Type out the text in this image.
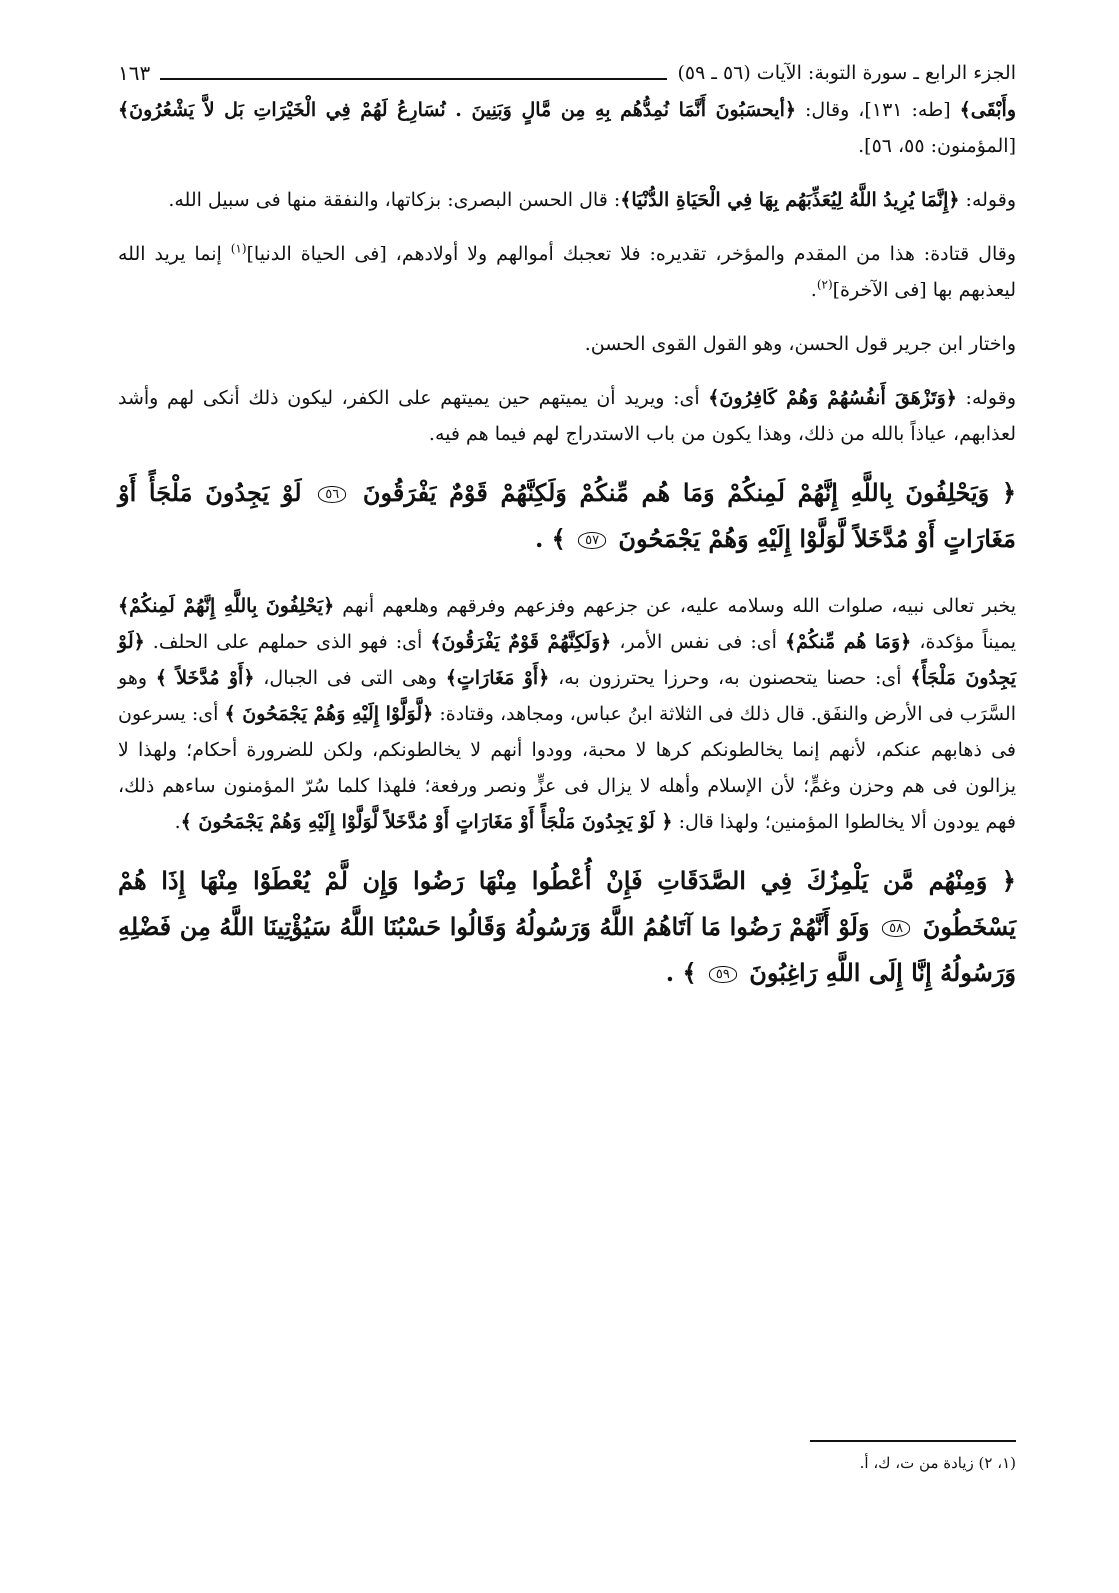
الجزء الرابع ـ سورة التوبة: الآيات (٥٦ ـ ٥٩)
١٦٣

وأَبْقَى﴾ [طه: ١٣١]، وقال: ﴿أيحسَبُونَ أَنَّمَا نُمِدُّهُم بِهِ مِن مَّالٍ وَبَنِينَ . نُسَارِعُ لَهُمْ فِي الْخَيْرَاتِ بَل لاَّ يَشْعُرُونَ﴾ [المؤمنون: ٥٥، ٥٦].

وقوله: ﴿إِنَّمَا يُرِيدُ اللَّهُ لِيُعَذِّبَهُم بِهَا فِي الْحَيَاةِ الدُّنْيَا﴾: قال الحسن البصرى: بزكاتها، والنفقة منها فى سبيل الله.

وقال قتادة: هذا من المقدم والمؤخر، تقديره: فلا تعجبك أموالهم ولا أولادهم، [فى الحياة الدنيا]$^{(١)}$ إنما يريد الله ليعذبهم بها [فى الآخرة]$^{(٢)}$.

واختار ابن جرير قول الحسن، وهو القول القوى الحسن.

وقوله: ﴿وَتَزْهَقَ أَنفُسُهُمْ وَهُمْ كَافِرُونَ﴾ أى: ويريد أن يميتهم حين يميتهم على الكفر، ليكون ذلك أنكى لهم وأشد لعذابهم، عياذاً بالله من ذلك، وهذا يكون من باب الاستدراج لهم فيما هم فيه.

﴿ وَيَحْلِفُونَ بِاللَّهِ إِنَّهُمْ لَمِنكُمْ وَمَا هُم مِّنكُمْ وَلَكِنَّهُمْ قَوْمٌ يَفْرَقُونَ ٥٦ لَوْ يَجِدُونَ مَلْجَأً أَوْ مَغَارَاتٍ أَوْ مُدَّخَلاً لَّوَلَّوْا إِلَيْهِ وَهُمْ يَجْمَحُونَ ٥٧ ﴾ .

يخبر تعالى نبيه، صلوات الله وسلامه عليه، عن جزعهم وفزعهم وفرقهم وهلعهم أنهم ﴿يَحْلِفُونَ بِاللَّهِ إِنَّهُمْ لَمِنكُمْ﴾ يميناً مؤكدة، ﴿وَمَا هُم مِّنكُمْ﴾ أى: فى نفس الأمر، ﴿وَلَكِنَّهُمْ قَوْمٌ يَفْرَقُونَ﴾ أى: فهو الذى حملهم على الحلف. ﴿لَوْ يَجِدُونَ مَلْجَأً﴾ أى: حصنا يتحصنون به، وحرزا يحترزون به، ﴿أَوْ مَغَارَاتٍ﴾ وهى التى فى الجبال، ﴿أَوْ مُدَّخَلاً ﴾ وهو السَّرَب فى الأرض والنفَق. قال ذلك فى الثلاثة ابنُ عباس، ومجاهد، وقتادة: ﴿لَّوَلَّوْا إِلَيْهِ وَهُمْ يَجْمَحُونَ ﴾ أى: يسرعون فى ذهابهم عنكم، لأنهم إنما يخالطونكم كرها لا محبة، وودوا أنهم لا يخالطونكم، ولكن للضرورة أحكام؛ ولهذا لا يزالون فى هم وحزن وغمٍّ؛ لأن الإسلام وأهله لا يزال فى عزٍّ ونصر ورفعة؛ فلهذا كلما سُرّ المؤمنون ساءهم ذلك، فهم يودون ألا يخالطوا المؤمنين؛ ولهذا قال: ﴿ لَوْ يَجِدُونَ مَلْجَأً أَوْ مَغَارَاتٍ أَوْ مُدَّخَلاً لَّوَلَّوْا إِلَيْهِ وَهُمْ يَجْمَحُونَ ﴾.

﴿ وَمِنْهُم مَّن يَلْمِزُكَ فِي الصَّدَقَاتِ فَإِنْ أُعْطُوا مِنْهَا رَضُوا وَإِن لَّمْ يُعْطَوْا مِنْهَا إِذَا هُمْ يَسْخَطُونَ ٥٨ وَلَوْ أَنَّهُمْ رَضُوا مَا آتَاهُمُ اللَّهُ وَرَسُولُهُ وَقَالُوا حَسْبُنَا اللَّهُ سَيُؤْتِينَا اللَّهُ مِن فَضْلِهِ وَرَسُولُهُ إِنَّا إِلَى اللَّهِ رَاغِبُونَ ٥٩ ﴾ .

(١، ٢) زيادة من ت، ك، أ.
